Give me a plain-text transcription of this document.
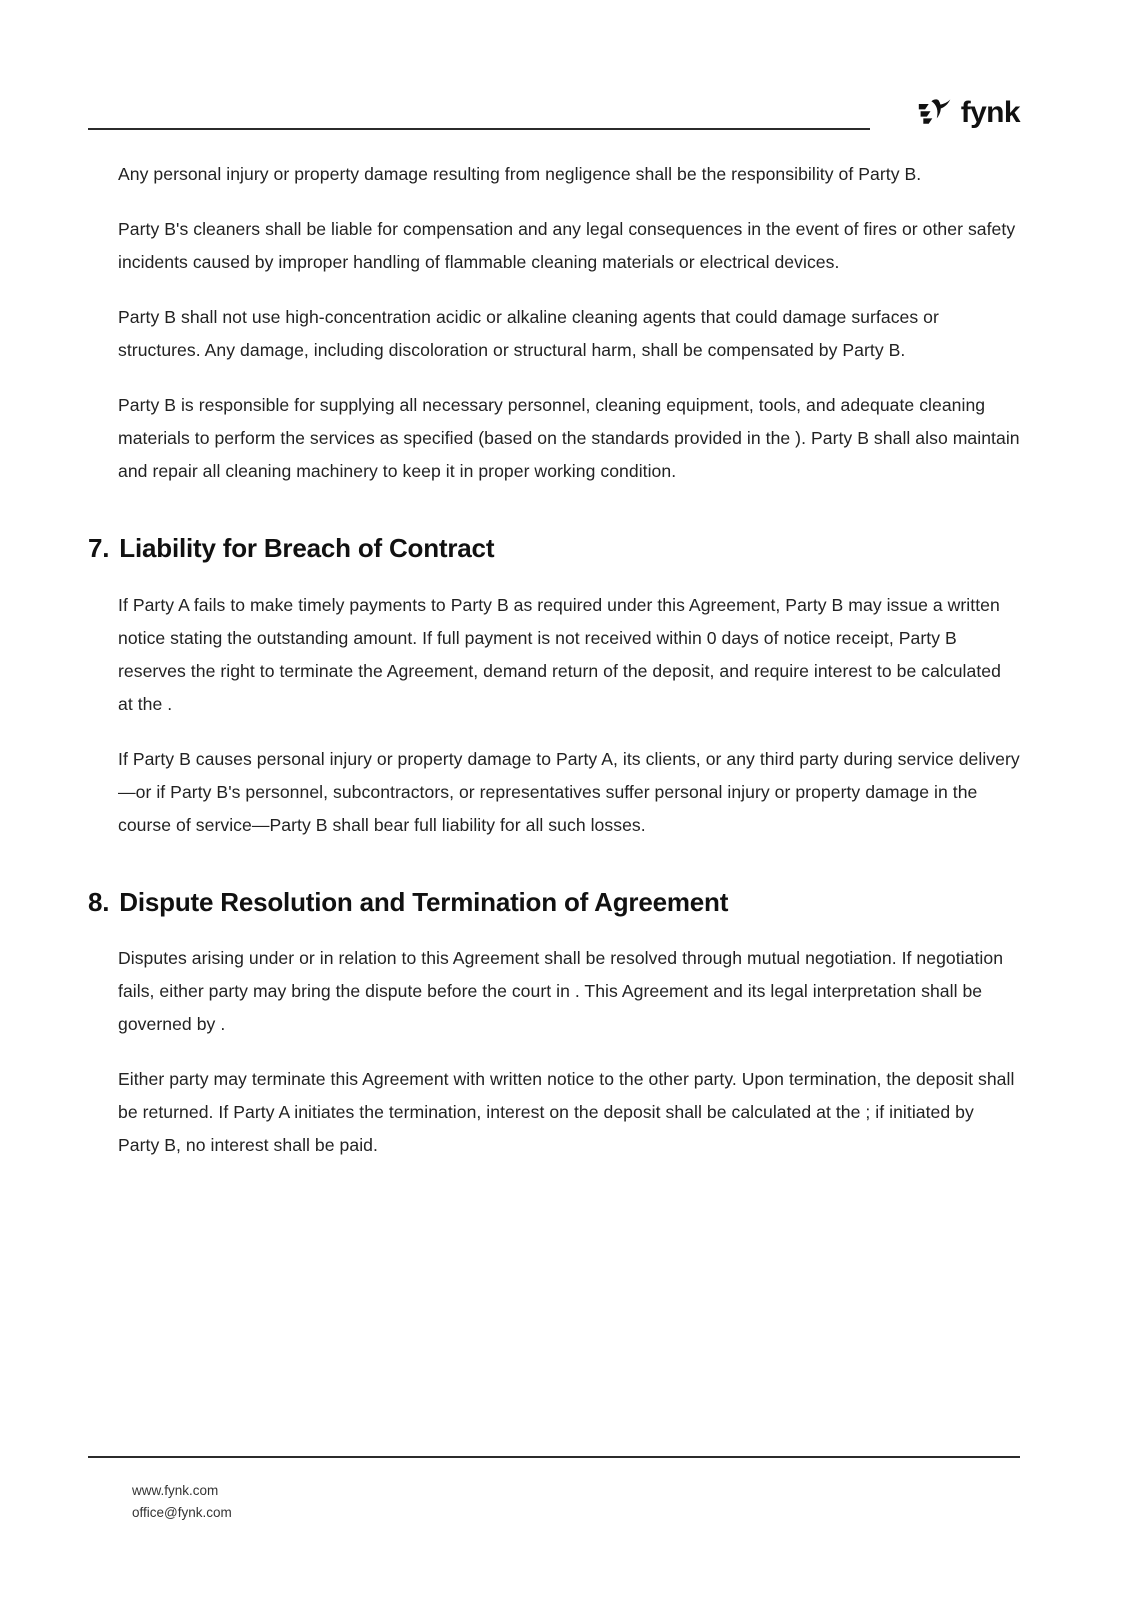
fynk

Any personal injury or property damage resulting from negligence shall be the responsibility of Party B.

Party B's cleaners shall be liable for compensation and any legal consequences in the event of fires or other safety incidents caused by improper handling of flammable cleaning materials or electrical devices.

Party B shall not use high-concentration acidic or alkaline cleaning agents that could damage surfaces or structures. Any damage, including discoloration or structural harm, shall be compensated by Party B.

Party B is responsible for supplying all necessary personnel, cleaning equipment, tools, and adequate cleaning materials to perform the services as specified (based on the standards provided in the ). Party B shall also maintain and repair all cleaning machinery to keep it in proper working condition.

7. Liability for Breach of Contract

If Party A fails to make timely payments to Party B as required under this Agreement, Party B may issue a written notice stating the outstanding amount. If full payment is not received within 0 days of notice receipt, Party B reserves the right to terminate the Agreement, demand return of the deposit, and require interest to be calculated at the .

If Party B causes personal injury or property damage to Party A, its clients, or any third party during service delivery—or if Party B's personnel, subcontractors, or representatives suffer personal injury or property damage in the course of service—Party B shall bear full liability for all such losses.

8. Dispute Resolution and Termination of Agreement

Disputes arising under or in relation to this Agreement shall be resolved through mutual negotiation. If negotiation fails, either party may bring the dispute before the court in . This Agreement and its legal interpretation shall be governed by .

Either party may terminate this Agreement with written notice to the other party. Upon termination, the deposit shall be returned. If Party A initiates the termination, interest on the deposit shall be calculated at the ; if initiated by Party B, no interest shall be paid.

www.fynk.com
office@fynk.com
